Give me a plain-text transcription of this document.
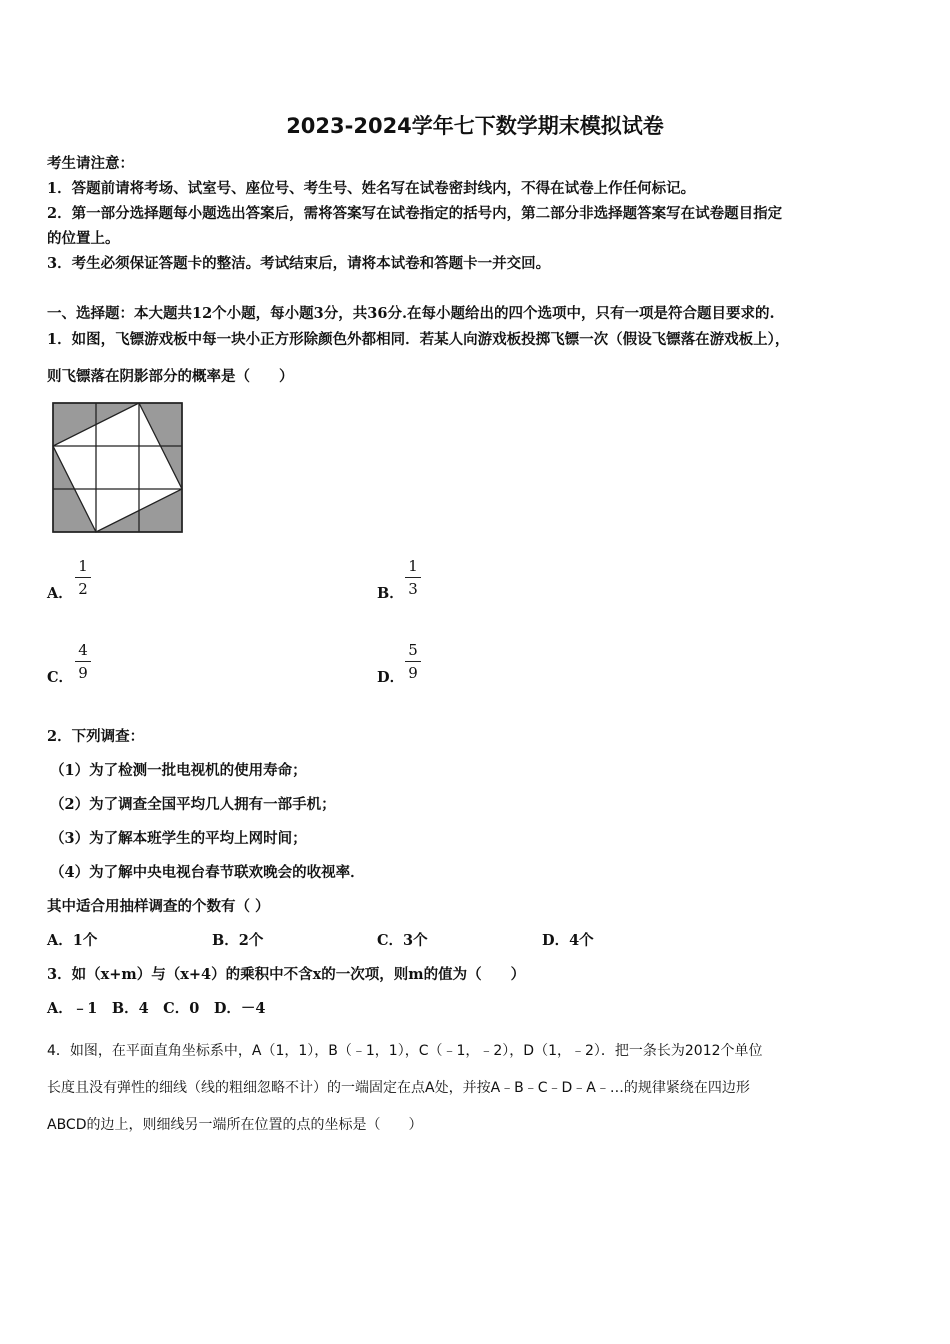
2023-2024学年七下数学期末模拟试卷
考生请注意：
1．答题前请将考场、试室号、座位号、考生号、姓名写在试卷密封线内，不得在试卷上作任何标记。
2．第一部分选择题每小题选出答案后，需将答案写在试卷指定的括号内，第二部分非选择题答案写在试卷题目指定
的位置上。
3．考生必须保证答题卡的整洁。考试结束后，请将本试卷和答题卡一并交回。
一、选择题：本大题共12个小题，每小题3分，共36分.在每小题给出的四个选项中，只有一项是符合题目要求的.
1．如图，飞镖游戏板中每一块小正方形除颜色外都相同．若某人向游戏板投掷飞镖一次（假设飞镖落在游戏板上），
则飞镖落在阴影部分的概率是（　　）
A．
1
2	B．
1
3
C．
4
9	D．
5
9
2．下列调查：
（1）为了检测一批电视机的使用寿命；
（2）为了调查全国平均几人拥有一部手机；
（3）为了解本班学生的平均上网时间；
（4）为了解中央电视台春节联欢晚会的收视率．
其中适合用抽样调查的个数有（ ）
A．1个	B．2个	C．3个	D．4个
3．如（x+m）与（x+4）的乘积中不含x的一次项，则m的值为（　　）
A．﹣1　B．4　C．0　D．－4
4．如图，在平面直角坐标系中，A（1，1），B（﹣1，1），C（﹣1，﹣2），D（1，﹣2）．把一条长为2012个单位
长度且没有弹性的细线（线的粗细忽略不计）的一端固定在点A处，并按A﹣B﹣C﹣D﹣A﹣…的规律紧绕在四边形
ABCD的边上，则细线另一端所在位置的点的坐标是（　　）
